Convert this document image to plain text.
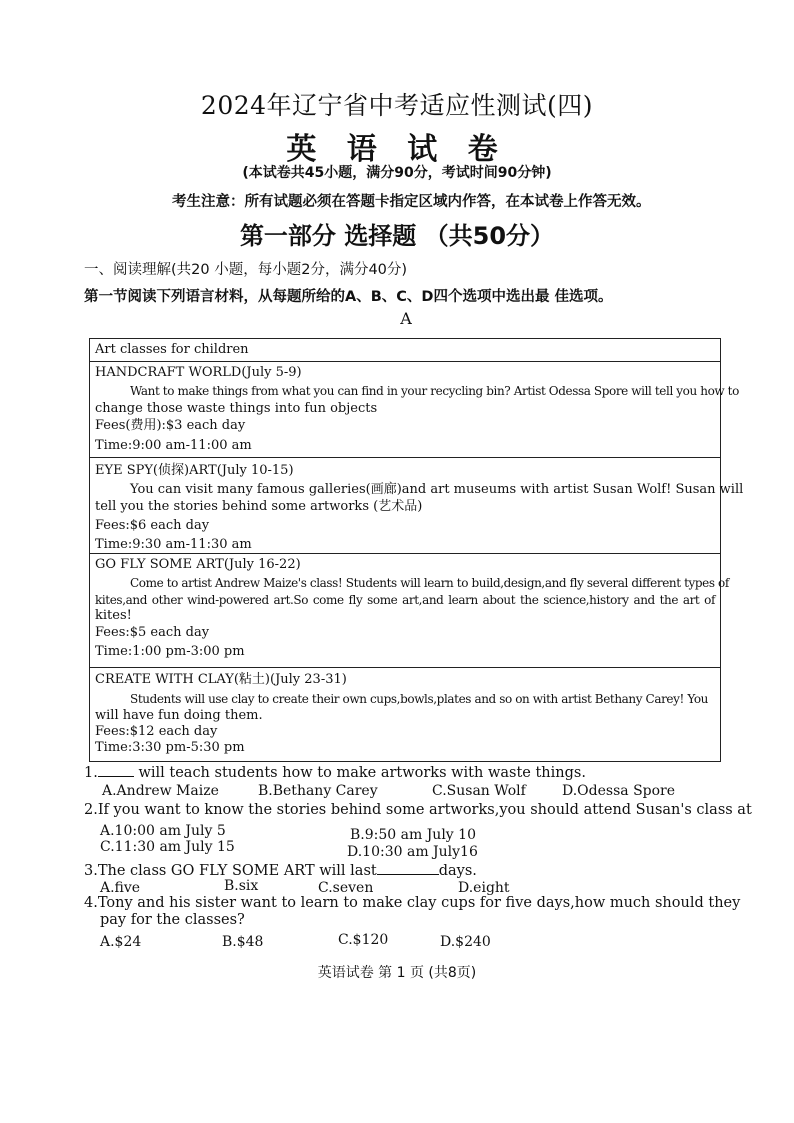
2024年辽宁省中考适应性测试(四)
英 语 试 卷
(本试卷共45小题，满分90分，考试时间90分钟)
考生注意：所有试题必须在答题卡指定区域内作答，在本试卷上作答无效。
第一部分 选择题 （共50分）
一、阅读理解(共20 小题，每小题2分，满分40分)
第一节阅读下列语言材料，从每题所给的A、B、C、D四个选项中选出最 佳选项。
A
Art classes for children
HANDCRAFT WORLD(July 5-9)
Want to make things from what you can find in your recycling bin? Artist Odessa Spore will tell you how to
change those waste things into fun objects
Fees(费用):$3 each day
Time:9:00 am-11:00 am
EYE SPY(侦探)ART(July 10-15)
You can visit many famous galleries(画廊)and art museums with artist Susan Wolf! Susan will
tell you the stories behind some artworks (艺术品)
Fees:$6 each day
Time:9:30 am-11:30 am
GO FLY SOME ART(July 16-22)
Come to artist Andrew Maize's class! Students will learn to build,design,and fly several different types of
kites,and other wind-powered art.So come fly some art,and learn about the science,history and the art of
kites!
Fees:$5 each day
Time:1:00 pm-3:00 pm
CREATE WITH CLAY(粘土)(July 23-31)
Students will use clay to create their own cups,bowls,plates and so on with artist Bethany Carey! You
will have fun doing them.
Fees:$12 each day
Time:3:30 pm-5:30 pm
1. will teach students how to make artworks with waste things.
A.Andrew Maize	B.Bethany Carey	C.Susan Wolf	D.Odessa Spore
2.If you want to know the stories behind some artworks,you should attend Susan's class at
A.10:00 am July 5	B.9:50 am July 10
C.11:30 am July 15	D.10:30 am July16
3.The class GO FLY SOME ART will last	days.
A.five	B.six	C.seven	D.eight
4.Tony and his sister want to learn to make clay cups for five days,how much should they
pay for the classes?
A.$24	B.$48	C.$120	D.$240
英语试卷 第 1 页 (共8页)
